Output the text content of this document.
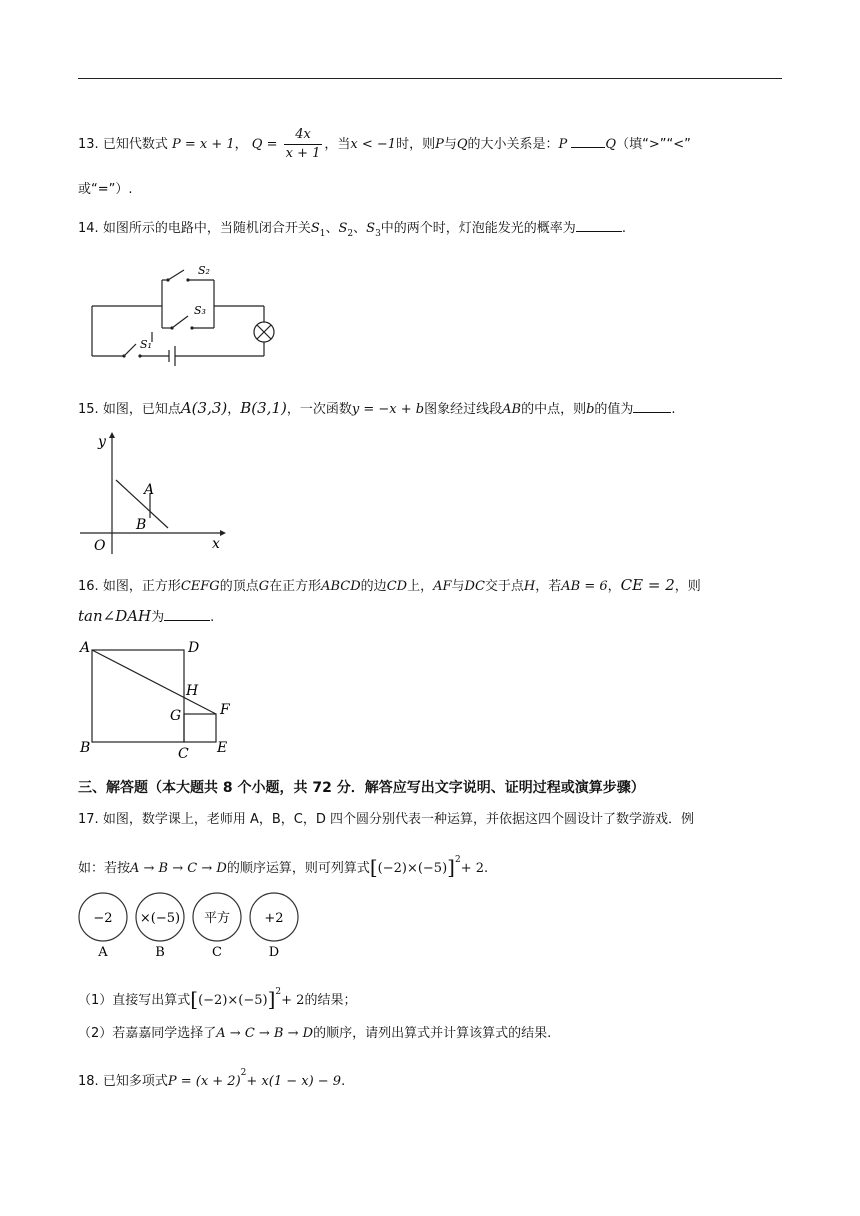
13. 已知代数式 P = x + 1， $Q = \frac{4x}{x + 1}$ ，当x < −1时，则P与Q的大小关系是：P	Q（填“>”“<”
或“=”）.
14. 如图所示的电路中，当随机闭合开关$S_1$、$S_2$、$S_3$中的两个时，灯泡能发光的概率为	.
S₂
S₃
S₁
15. 如图，已知点A(3,3)，B(3,1)，一次函数y = −x + b图象经过线段AB的中点，则b的值为	.
y
x
O
A
B
16. 如图，正方形CEFG的顶点G在正方形ABCD的边CD上，AF与DC交于点H，若AB = 6，CE = 2，则
tan∠DAH为	.
A	D
B	C E
F
G
H
三、解答题（本大题共 8 个小题，共 72 分．解答应写出文字说明、证明过程或演算步骤）
17. 如图，数学课上，老师用 A，B，C，D 四个圆分别代表一种运算，并依据这四个圆设计了数学游戏．例
如：若按A → B → C → D的顺序运算，则可列算式$[(-2)\times(-5)]^2+ 2$.
−2 ×(−5) 平方	+2
A	B	C	D
（1）直接写出算式$[(-2)\times(-5)]^2+ 2$的结果；
（2）若嘉嘉同学选择了A → C → B → D的顺序，请列出算式并计算该算式的结果.
18. 已知多项式$P = (x + 2)^2+ x(1 - x) - 9$.
